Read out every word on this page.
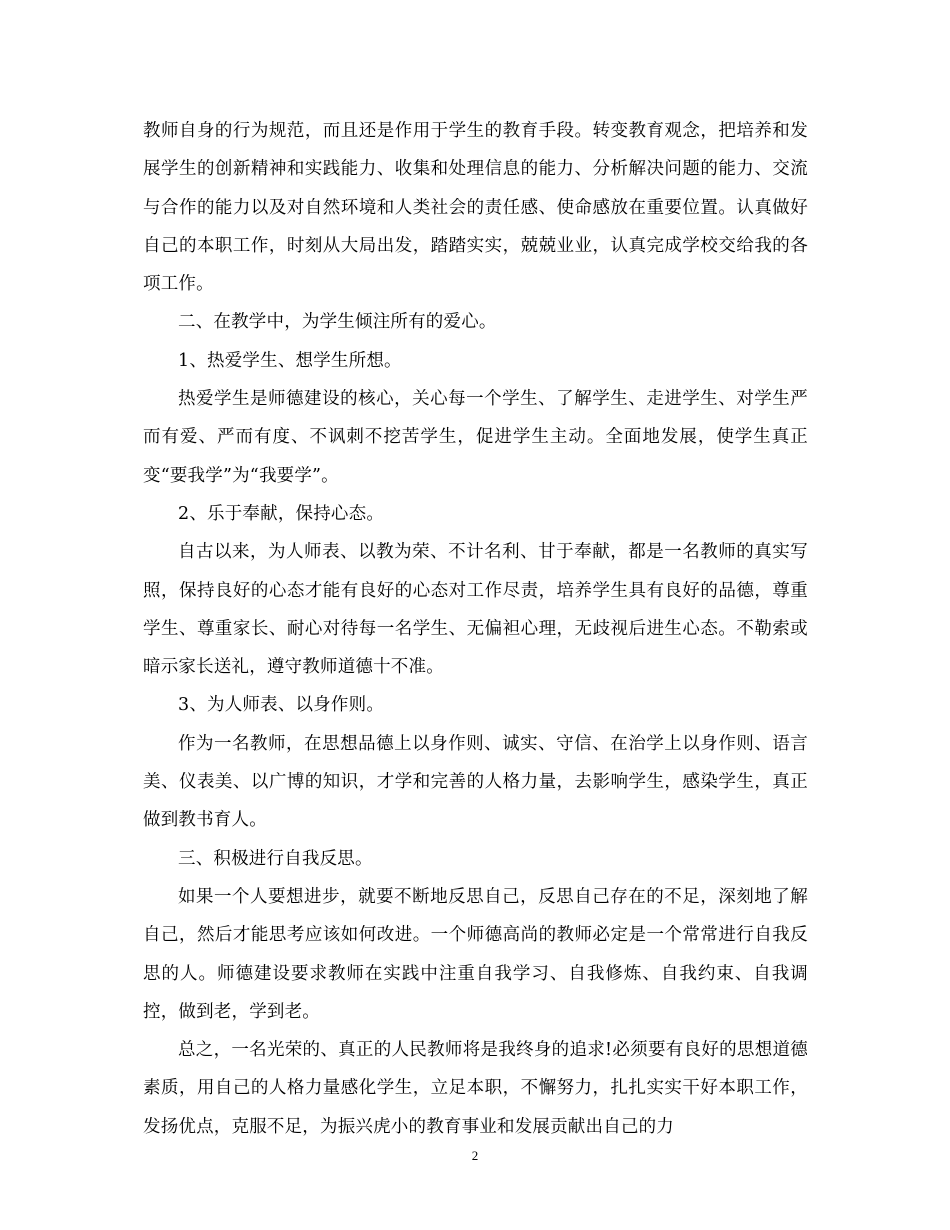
教师自身的行为规范，而且还是作用于学生的教育手段。转变教育观念，把培养和发展学生的创新精神和实践能力、收集和处理信息的能力、分析解决问题的能力、交流与合作的能力以及对自然环境和人类社会的责任感、使命感放在重要位置。认真做好自己的本职工作，时刻从大局出发，踏踏实实，兢兢业业，认真完成学校交给我的各项工作。

二、在教学中，为学生倾注所有的爱心。

1、热爱学生、想学生所想。

热爱学生是师德建设的核心，关心每一个学生、了解学生、走进学生、对学生严而有爱、严而有度、不讽刺不挖苦学生，促进学生主动。全面地发展，使学生真正变“要我学”为“我要学”。

2、乐于奉献，保持心态。

自古以来，为人师表、以教为荣、不计名利、甘于奉献，都是一名教师的真实写照，保持良好的心态才能有良好的心态对工作尽责，培养学生具有良好的品德，尊重学生、尊重家长、耐心对待每一名学生、无偏袒心理，无歧视后进生心态。不勒索或暗示家长送礼，遵守教师道德十不准。

3、为人师表、以身作则。

作为一名教师，在思想品德上以身作则、诚实、守信、在治学上以身作则、语言美、仪表美、以广博的知识，才学和完善的人格力量，去影响学生，感染学生，真正做到教书育人。

三、积极进行自我反思。

如果一个人要想进步，就要不断地反思自己，反思自己存在的不足，深刻地了解自己，然后才能思考应该如何改进。一个师德高尚的教师必定是一个常常进行自我反思的人。师德建设要求教师在实践中注重自我学习、自我修炼、自我约束、自我调控，做到老，学到老。

总之，一名光荣的、真正的人民教师将是我终身的追求!必须要有良好的思想道德素质，用自己的人格力量感化学生，立足本职，不懈努力，扎扎实实干好本职工作，发扬优点，克服不足，为振兴虎小的教育事业和发展贡献出自己的力

2
